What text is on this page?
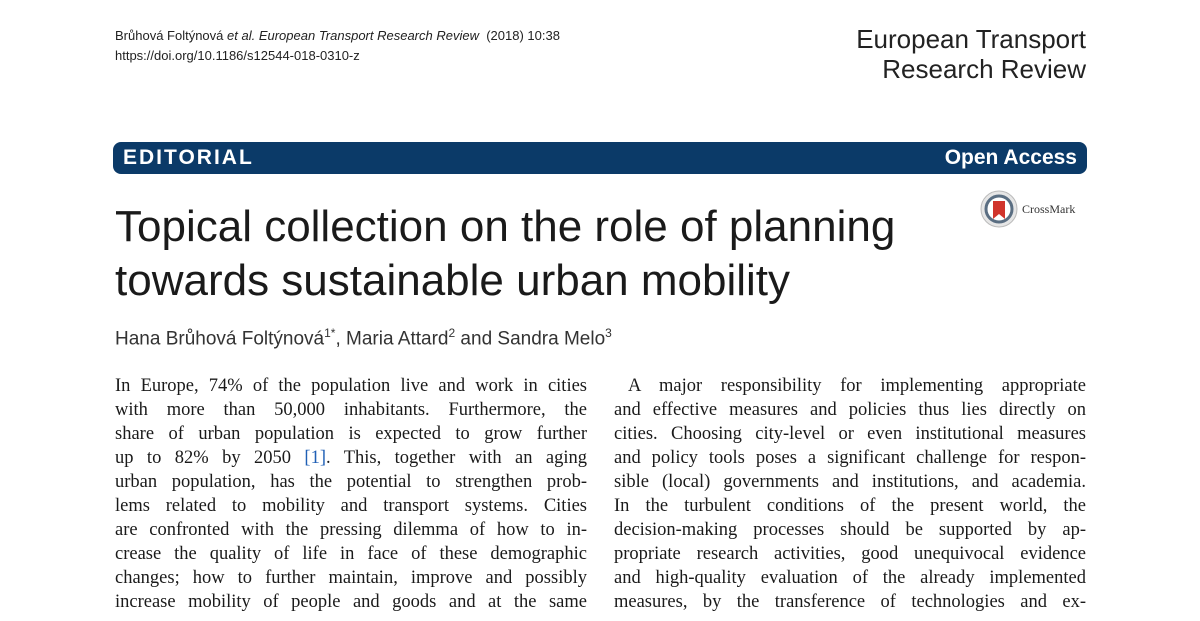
Brůhová Foltýnová et al. European Transport Research Review (2018) 10:38
https://doi.org/10.1186/s12544-018-0310-z
European Transport
Research Review
EDITORIAL	Open Access
CrossMark
Topical collection on the role of planning
towards sustainable urban mobility
Hana Brůhová Foltýnová$^{1*}$, Maria Attard$^2$ and Sandra Melo$^3$
In Europe, 74% of the population live and work in cities
with more than 50,000 inhabitants. Furthermore, the
share of urban population is expected to grow further
up to 82% by 2050 [1]. This, together with an aging
urban population, has the potential to strengthen prob-
lems related to mobility and transport systems. Cities
are confronted with the pressing dilemma of how to in-
crease the quality of life in face of these demographic
changes; how to further maintain, improve and possibly
increase mobility of people and goods and at the same
A major responsibility for implementing appropriate
and effective measures and policies thus lies directly on
cities. Choosing city-level or even institutional measures
and policy tools poses a significant challenge for respon-
sible (local) governments and institutions, and academia.
In the turbulent conditions of the present world, the
decision-making processes should be supported by ap-
propriate research activities, good unequivocal evidence
and high-quality evaluation of the already implemented
measures, by the transference of technologies and ex-
